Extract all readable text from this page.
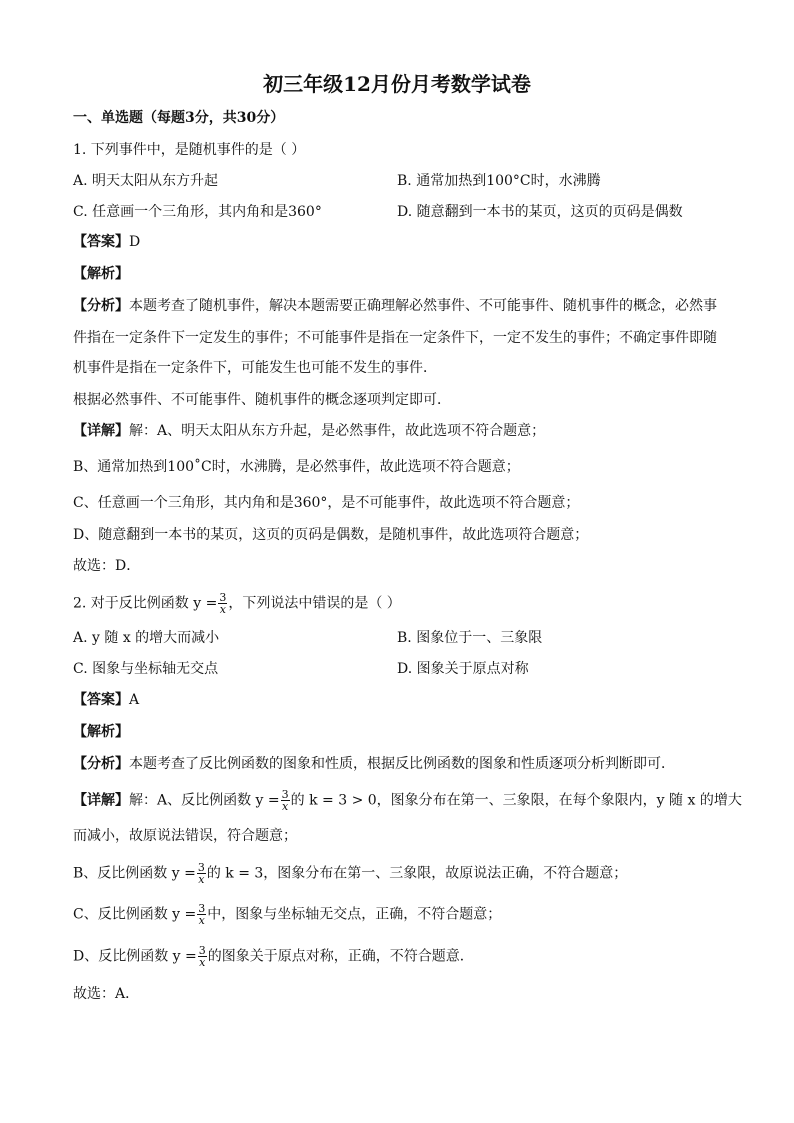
初三年级12月份月考数学试卷
一、单选题（每题3分，共30分）
1. 下列事件中，是随机事件的是（ ）
A. 明天太阳从东方升起	B. 通常加热到100°C时，水沸腾
C. 任意画一个三角形，其内角和是360°	D. 随意翻到一本书的某页，这页的页码是偶数
【答案】D
【解析】
【分析】本题考查了随机事件，解决本题需要正确理解必然事件、不可能事件、随机事件的概念，必然事
件指在一定条件下一定发生的事件；不可能事件是指在一定条件下，一定不发生的事件；不确定事件即随
机事件是指在一定条件下，可能发生也可能不发生的事件．
根据必然事件、不可能事件、随机事件的概念逐项判定即可．
【详解】解：A、明天太阳从东方升起，是必然事件，故此选项不符合题意；
B、通常加热到100˚C时，水沸腾，是必然事件，故此选项不符合题意；
C、任意画一个三角形，其内角和是360°，是不可能事件，故此选项不符合题意；
D、随意翻到一本书的某页，这页的页码是偶数，是随机事件，故此选项符合题意；
故选：D．
2. 对于反比例函数 $y = \frac{3}{x}$ ，下列说法中错误的是（ ）
A. y 随 x 的增大而减小	B. 图象位于一、三象限
C. 图象与坐标轴无交点	D. 图象关于原点对称
【答案】A
【解析】
【分析】本题考查了反比例函数的图象和性质，根据反比例函数的图象和性质逐项分析判断即可．
【详解】解：A、反比例函数 $y = \frac{3}{x}$ 的 k = 3 > 0，图象分布在第一、三象限，在每个象限内，y 随 x 的增大
而减小，故原说法错误，符合题意；
B、反比例函数 $y = \frac{3}{x}$ 的 k = 3，图象分布在第一、三象限，故原说法正确，不符合题意；
C、反比例函数 $y = \frac{3}{x}$ 中，图象与坐标轴无交点，正确，不符合题意；
D、反比例函数 $y = \frac{3}{x}$ 的图象关于原点对称，正确，不符合题意．
故选：A．
